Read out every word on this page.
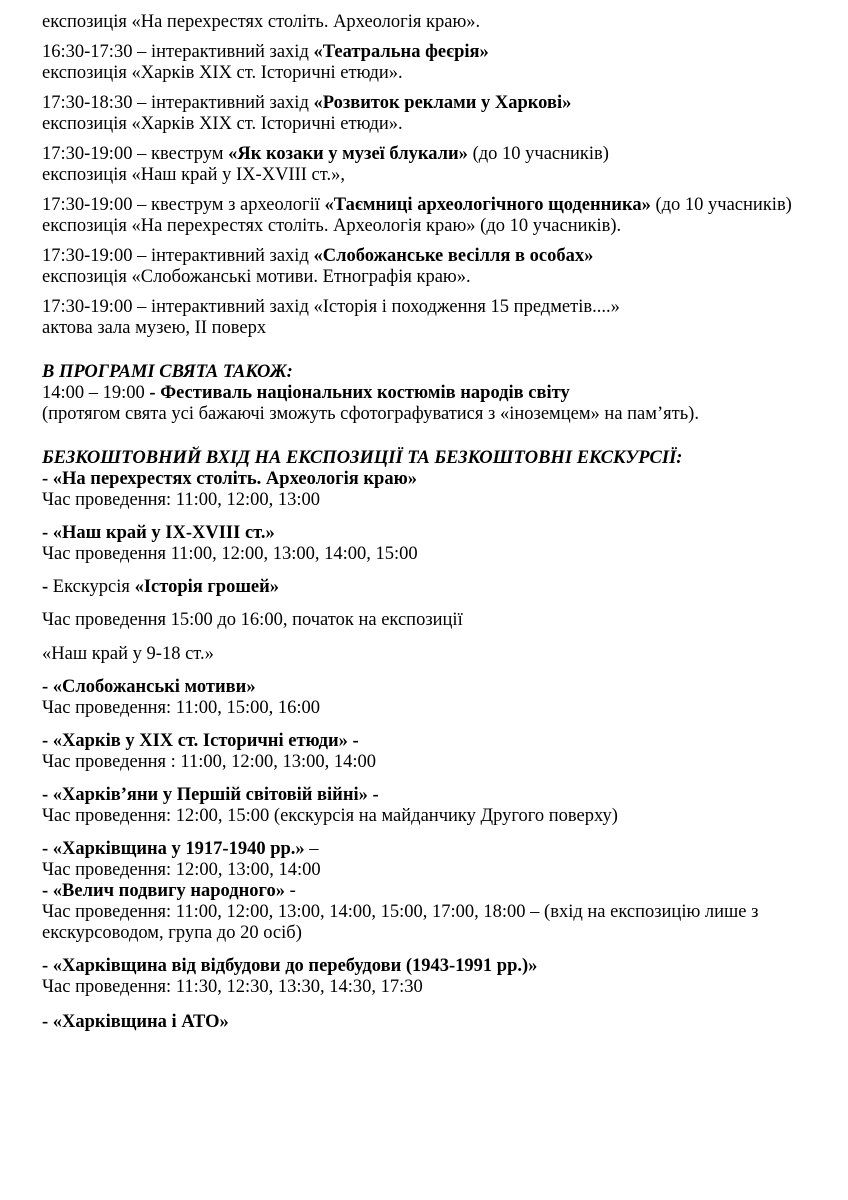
експозиція «На перехрестях століть. Археологія краю».

16:30-17:30 – інтерактивний захід «Театральна феєрія»

експозиція «Харків ХІХ ст. Історичні етюди».

17:30-18:30 – інтерактивний захід «Розвиток реклами у Харкові»

експозиція «Харків ХІХ ст. Історичні етюди».

17:30-19:00 – квеструм «Як козаки у музеї блукали» (до 10 учасників)

експозиція «Наш край у IX-XVIII ст.»,

17:30-19:00 – квеструм з археології «Таємниці археологічного щоденника» (до 10 учасників)

експозиція «На перехрестях століть. Археологія краю» (до 10 учасників).

17:30-19:00 – інтерактивний захід «Слобожанське весілля в особах»

експозиція «Слобожанські мотиви. Етнографія краю».

17:30-19:00 – інтерактивний захід «Історія і походження 15 предметів....»

актова зала музею, ІІ поверх

В ПРОГРАМІ СВЯТА ТАКОЖ:

14:00 – 19:00 - Фестиваль національних костюмів народів світу

(протягом свята усі бажаючі зможуть сфотографуватися з «іноземцем» на пам’ять).

БЕЗКОШТОВНИЙ ВХІД НА ЕКСПОЗИЦІЇ ТА БЕЗКОШТОВНІ ЕКСКУРСІЇ:

- «На перехрестях століть. Археологія краю»

Час проведення: 11:00, 12:00, 13:00

- «Наш край у IX-XVIII ст.»

Час проведення 11:00, 12:00, 13:00, 14:00, 15:00

- Екскурсія «Історія грошей»

Час проведення 15:00 до 16:00, початок на експозиції

«Наш край у 9-18 ст.»

- «Слобожанські мотиви»

Час проведення: 11:00, 15:00, 16:00

- «Харків у ХІХ ст. Історичні етюди» -

Час проведення : 11:00, 12:00, 13:00, 14:00

- «Харків’яни у Першій світовій війні» -

Час проведення: 12:00, 15:00 (екскурсія на майданчику Другого поверху)

- «Харківщина у 1917-1940 рр.» –

Час проведення: 12:00, 13:00, 14:00

- «Велич подвигу народного» -

Час проведення: 11:00, 12:00, 13:00, 14:00, 15:00, 17:00, 18:00 – (вхід на експозицію лише з екскурсоводом, група до 20 осіб)

- «Харківщина від відбудови до перебудови (1943-1991 рр.)»

Час проведення: 11:30, 12:30, 13:30, 14:30, 17:30

- «Харківщина і АТО»
